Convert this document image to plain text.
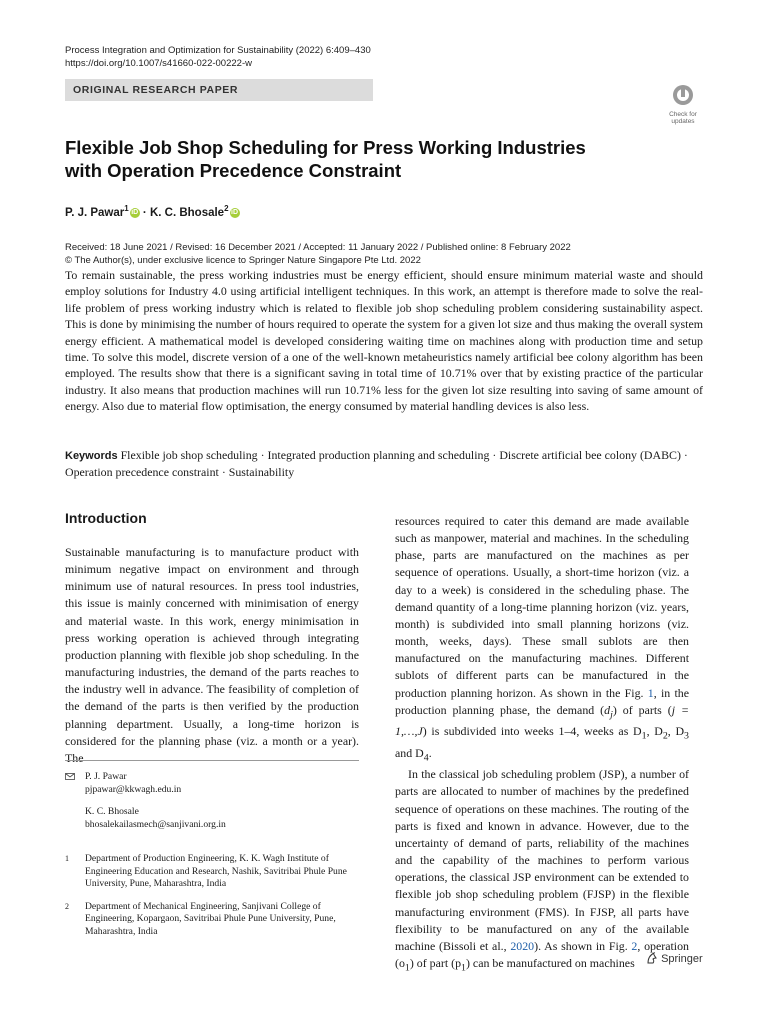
Process Integration and Optimization for Sustainability (2022) 6:409–430
https://doi.org/10.1007/s41660-022-00222-w
ORIGINAL RESEARCH PAPER
Check for
updates
Flexible Job Shop Scheduling for Press Working Industries
with Operation Precedence Constraint
P. J. Pawar$^1$ iD · K. C. Bhosale$^2$ iD
Received: 18 June 2021 / Revised: 16 December 2021 / Accepted: 11 January 2022 / Published online: 8 February 2022
© The Author(s), under exclusive licence to Springer Nature Singapore Pte Ltd. 2022
To remain sustainable, the press working industries must be energy efficient, should ensure minimum material waste and should employ solutions for Industry 4.0 using artificial intelligent techniques. In this work, an attempt is therefore made to solve the real-life problem of press working industry which is related to flexible job shop scheduling problem considering sustainability aspect. This is done by minimising the number of hours required to operate the system for a given lot size and thus making the overall system energy efficient. A mathematical model is developed considering waiting time on machines along with production time and setup time. To solve this model, discrete version of a one of the well-known metaheuristics namely artificial bee colony algorithm has been employed. The results show that there is a significant saving in total time of 10.71% over that by existing practice of the particular industry. It also means that production machines will run 10.71% less for the given lot size resulting into saving of same amount of energy. Also due to material flow optimisation, the energy consumed by material handling devices is also less.
Keywords Flexible job shop scheduling · Integrated production planning and scheduling · Discrete artificial bee colony (DABC) · Operation precedence constraint · Sustainability
Introduction

Sustainable manufacturing is to manufacture product with minimum negative impact on environment and through minimum use of natural resources. In press tool industries, this issue is mainly concerned with minimisation of energy and material waste. In this work, energy minimisation in press working operation is achieved through integrating production planning with flexible job shop scheduling. In the manufacturing industries, the demand of the parts reaches to the industry well in advance. The feasibility of completion of the demand of the parts is then verified by the production planning department. Usually, a long-time horizon is considered for the planning phase (viz. a month or a year). The

resources required to cater this demand are made available such as manpower, material and machines. In the scheduling phase, parts are manufactured on the machines as per sequence of operations. Usually, a short-time horizon (viz. a day to a week) is considered in the scheduling phase. The demand quantity of a long-time planning horizon (viz. years, month) is subdivided into small planning horizons (viz. month, weeks, days). These small sublots are then manufactured on the manufacturing machines. Different sublots of different parts can be manufactured in the production planning horizon. As shown in the Fig. 1, in the production planning phase, the demand $(d_j)$ of parts (j = 1,…,J) is subdivided into weeks 1–4, weeks as $D_1$, $D_2$, $D_3$ and $D_4$.

In the classical job scheduling problem (JSP), a number of parts are allocated to number of machines by the predefined sequence of operations on these machines. The routing of the parts is fixed and known in advance. However, due to the uncertainty of demand of parts, reliability of the machines and the capability of the machines to perform various operations, the classical JSP environment can be extended to flexible job shop scheduling problem (FJSP) in the flexible manufacturing environment (FMS). In FJSP, all parts have flexibility to be manufactured on any of the available machine (Bissoli et al., 2020). As shown in Fig. 2, operation $(o_1)$ of part $(p_1)$ can be manufactured on machines

P. J. Pawar
pjpawar@kkwagh.edu.in
K. C. Bhosale
bhosalekailasmech@sanjivani.org.in
1 Department of Production Engineering, K. K. Wagh Institute of Engineering Education and Research, Nashik, Savitribai Phule Pune University, Pune, Maharashtra, India
2 Department of Mechanical Engineering, Sanjivani College of Engineering, Kopargaon, Savitribai Phule Pune University, Pune, Maharashtra, India
Springer
